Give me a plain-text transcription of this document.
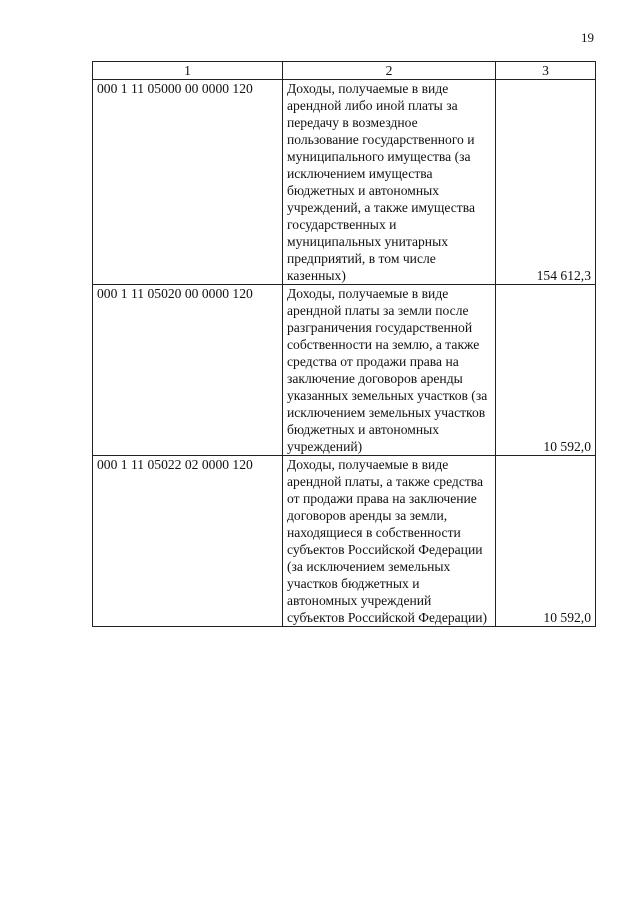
19
1	2	3
000 1 11 05000 00 0000 120	Доходы, получаемые в виде арендной либо иной платы за передачу в возмездное пользование государственного и муниципального имущества (за исключением имущества бюджетных и автономных учреждений, а также имущества государственных и муниципальных унитарных предприятий, в том числе казенных)	154 612,3
000 1 11 05020 00 0000 120	Доходы, получаемые в виде арендной платы за земли после разграничения государственной собственности на землю, а также средства от продажи права на заключение договоров аренды указанных земельных участков (за исключением земельных участков бюджетных и автономных учреждений)	10 592,0
000 1 11 05022 02 0000 120	Доходы, получаемые в виде арендной платы, а также средства от продажи права на заключение договоров аренды за земли, находящиеся в собственности субъектов Российской Федерации (за исключением земельных участков бюджетных и автономных учреждений субъектов Российской Федерации)	10 592,0
